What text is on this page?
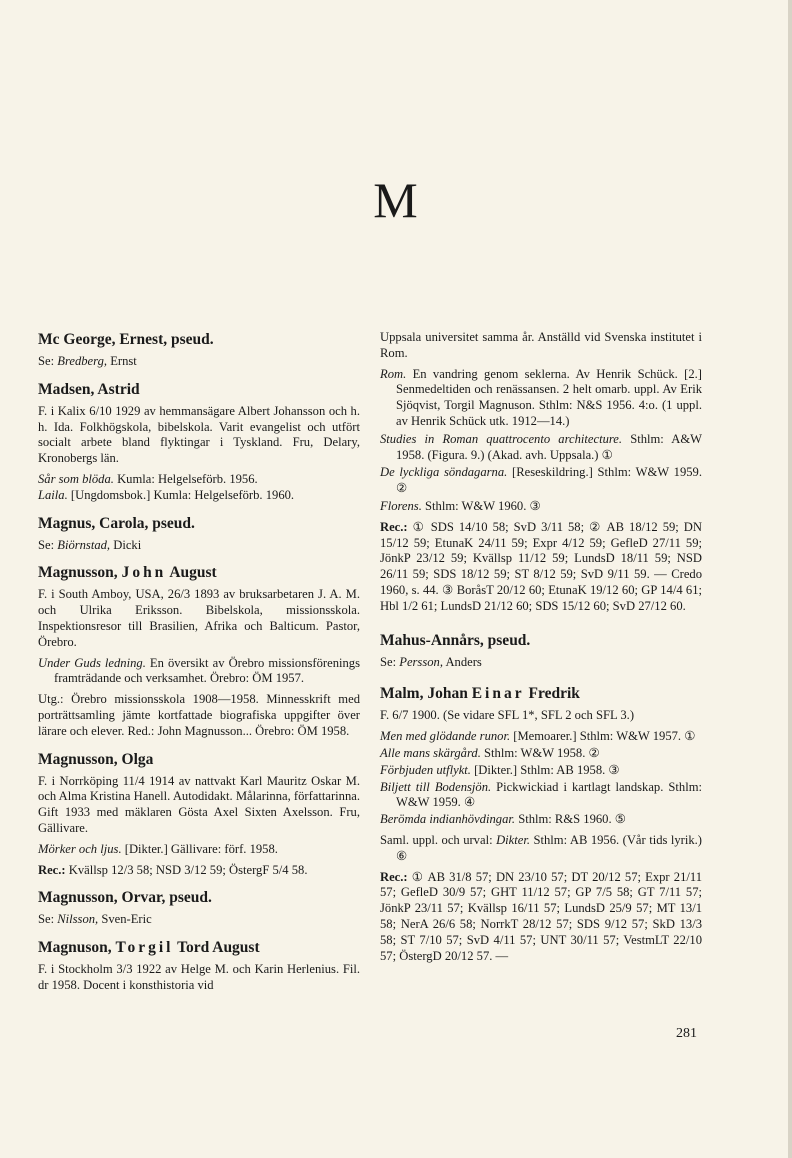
M
Mc George, Ernest, pseud.

Se: Bredberg, Ernst

Madsen, Astrid

F. i Kalix 6/10 1929 av hemmansägare Albert Johansson och h. h. Ida. Folkhögskola, bibelskola. Varit evangelist och utfört socialt arbete bland flyktingar i Tyskland. Fru, Delary, Kronobergs län.

Sår som blöda. Kumla: Helgelseförb. 1956.

Laila. [Ungdomsbok.] Kumla: Helgelseförb. 1960.

Magnus, Carola, pseud.

Se: Biörnstad, Dicki

Magnusson, John August

F. i South Amboy, USA, 26/3 1893 av bruksarbetaren J. A. M. och Ulrika Eriksson. Bibelskola, missionsskola. Inspektionsresor till Brasilien, Afrika och Balticum. Pastor, Örebro.

Under Guds ledning. En översikt av Örebro missionsförenings framträdande och verksamhet. Örebro: ÖM 1957.

Utg.: Örebro missionsskola 1908—1958. Minnesskrift med porträttsamling jämte kortfattade biografiska uppgifter över lärare och elever. Red.: John Magnusson... Örebro: ÖM 1958.

Magnusson, Olga

F. i Norrköping 11/4 1914 av nattvakt Karl Mauritz Oskar M. och Alma Kristina Hanell. Autodidakt. Målarinna, författarinna. Gift 1933 med mäklaren Gösta Axel Sixten Axelsson. Fru, Gällivare.

Mörker och ljus. [Dikter.] Gällivare: förf. 1958.

Rec.: Kvällsp 12/3 58; NSD 3/12 59; ÖstergF 5/4 58.

Magnusson, Orvar, pseud.

Se: Nilsson, Sven-Eric

Magnuson, Torgil Tord August

F. i Stockholm 3/3 1922 av Helge M. och Karin Herlenius. Fil. dr 1958. Docent i konsthistoria vid

Uppsala universitet samma år. Anställd vid Svenska institutet i Rom.

Rom. En vandring genom seklerna. Av Henrik Schück. [2.] Senmedeltiden och renässansen. 2 helt omarb. uppl. Av Erik Sjöqvist, Torgil Magnuson. Sthlm: N&S 1956. 4:o. (1 uppl. av Henrik Schück utk. 1912—14.)

Studies in Roman quattrocento architecture. Sthlm: A&W 1958. (Figura. 9.) (Akad. avh. Uppsala.) ①

De lyckliga söndagarna. [Reseskildring.] Sthlm: W&W 1959. ②

Florens. Sthlm: W&W 1960. ③

Rec.: ① SDS 14/10 58; SvD 3/11 58; ② AB 18/12 59; DN 15/12 59; EtunaK 24/11 59; Expr 4/12 59; GefleD 27/11 59; JönkP 23/12 59; Kvällsp 11/12 59; LundsD 18/11 59; NSD 26/11 59; SDS 18/12 59; ST 8/12 59; SvD 9/11 59. — Credo 1960, s. 44. ③ BoråsT 20/12 60; EtunaK 19/12 60; GP 14/4 61; Hbl 1/2 61; LundsD 21/12 60; SDS 15/12 60; SvD 27/12 60.

Mahus-Annårs, pseud.

Se: Persson, Anders

Malm, Johan Einar Fredrik

F. 6/7 1900. (Se vidare SFL 1*, SFL 2 och SFL 3.)

Men med glödande runor. [Memoarer.] Sthlm: W&W 1957. ①

Alle mans skärgård. Sthlm: W&W 1958. ②

Förbjuden utflykt. [Dikter.] Sthlm: AB 1958. ③

Biljett till Bodensjön. Pickwickiad i kartlagt landskap. Sthlm: W&W 1959. ④

Berömda indianhövdingar. Sthlm: R&S 1960. ⑤

Saml. uppl. och urval: Dikter. Sthlm: AB 1956. (Vår tids lyrik.) ⑥

Rec.: ① AB 31/8 57; DN 23/10 57; DT 20/12 57; Expr 21/11 57; GefleD 30/9 57; GHT 11/12 57; GP 7/5 58; GT 7/11 57; JönkP 23/11 57; Kvällsp 16/11 57; LundsD 25/9 57; MT 13/1 58; NerA 26/6 58; NorrkT 28/12 57; SDS 9/12 57; SkD 13/3 58; ST 7/10 57; SvD 4/11 57; UNT 30/11 57; VestmLT 22/10 57; ÖstergD 20/12 57. —

281
